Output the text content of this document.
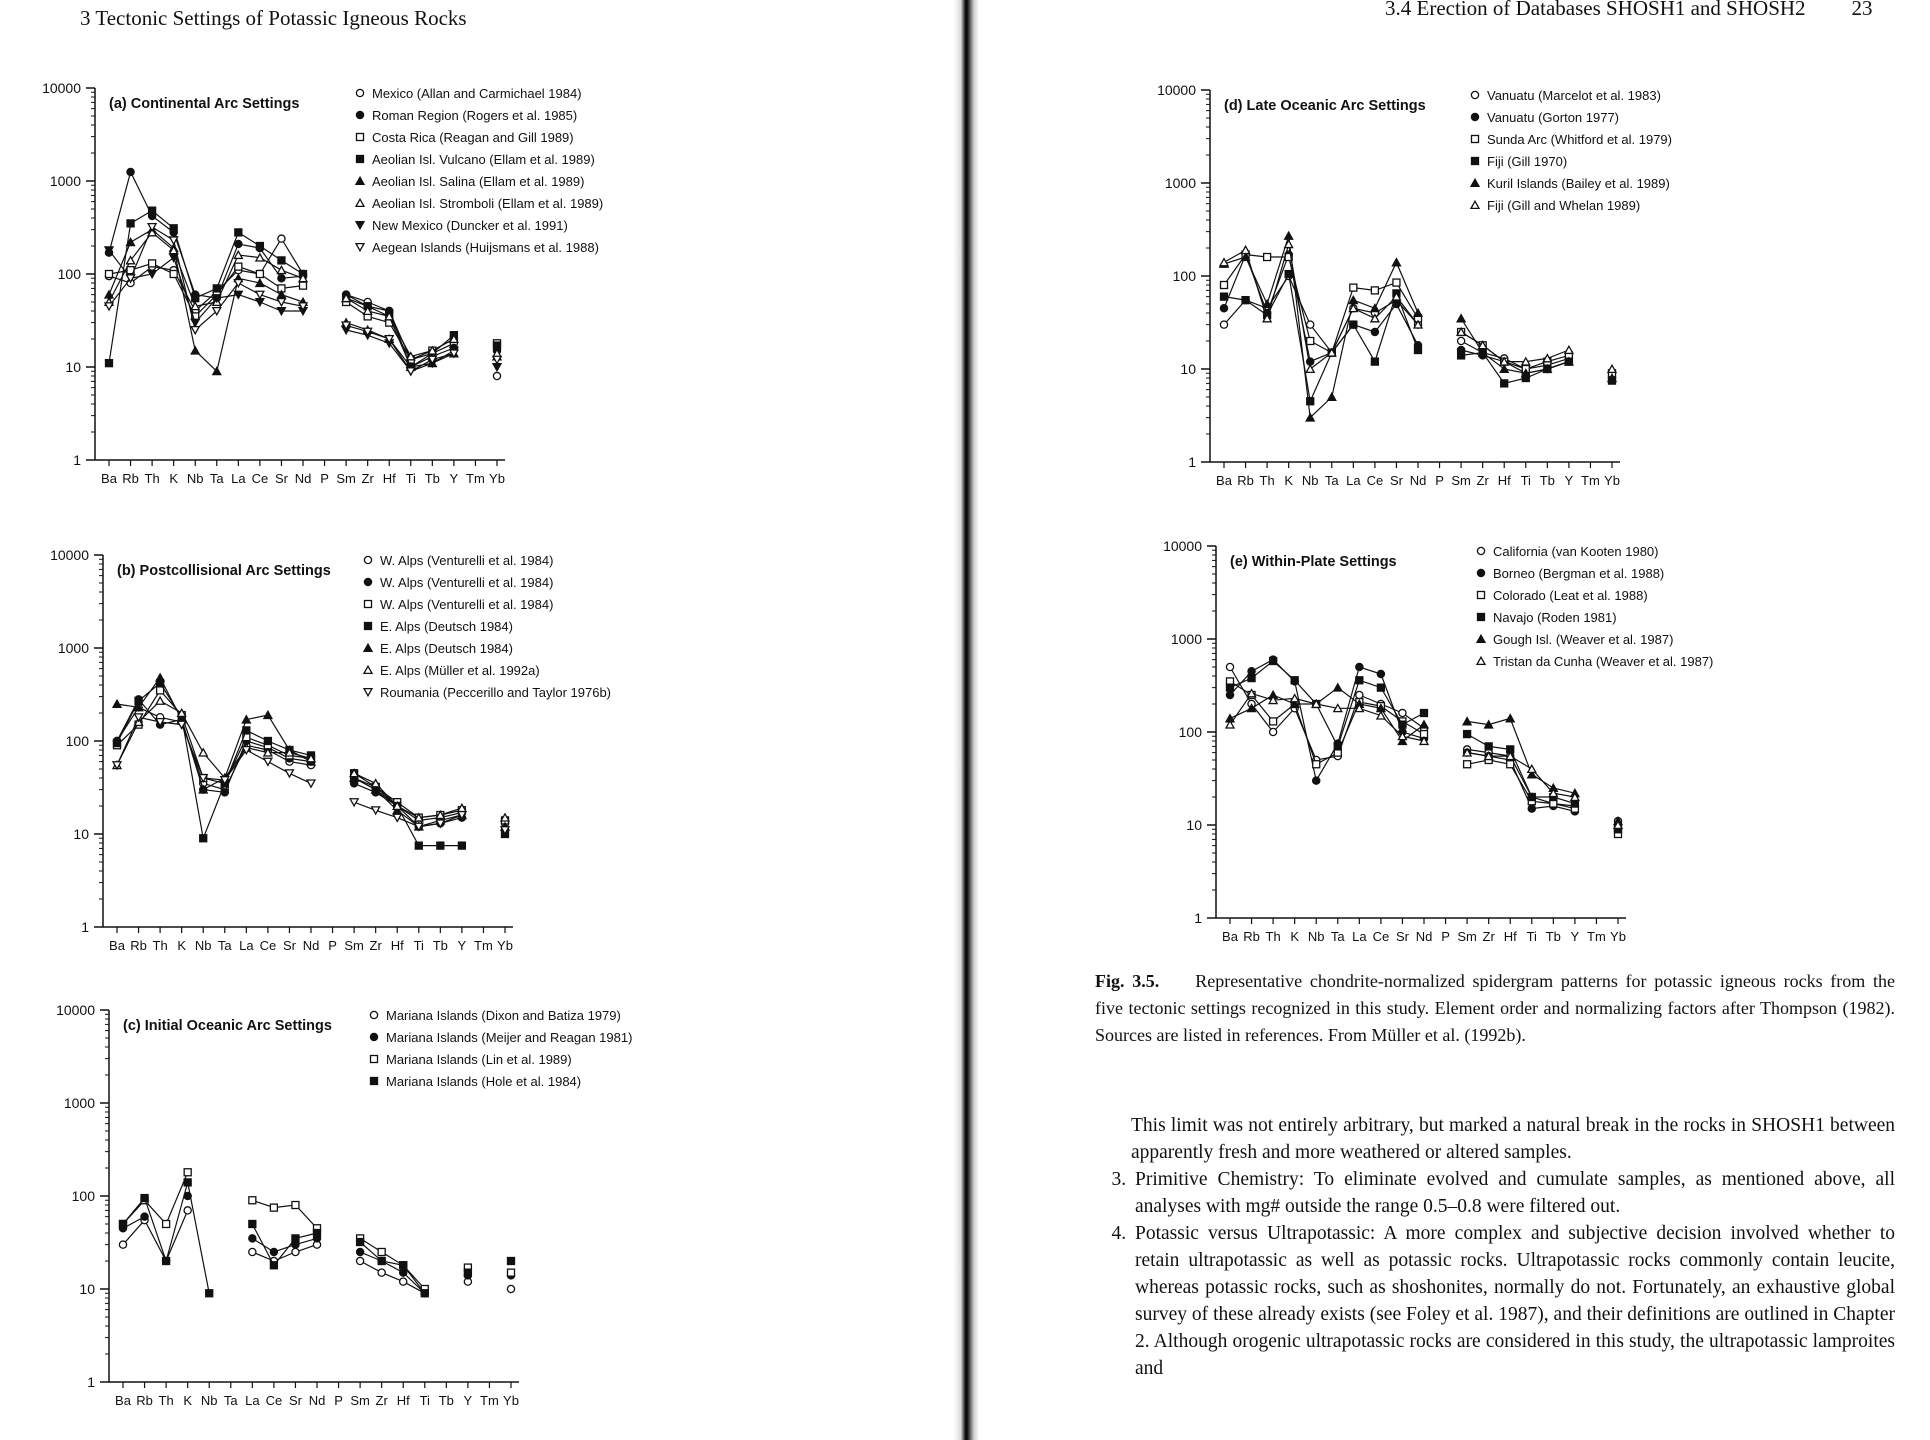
3 Tectonic Settings of Potassic Igneous Rocks
1
10
100
1000
10000
Ba Rb Th K Nb Ta La Ce Sr Nd P Sm Zr Hf Ti Tb Y Tm Yb
(a) Continental Arc Settings
Mexico (Allan and Carmichael 1984)
Roman Region (Rogers et al. 1985)
Costa Rica (Reagan and Gill 1989)
Aeolian Isl. Vulcano (Ellam et al. 1989)
Aeolian Isl. Salina (Ellam et al. 1989)
Aeolian Isl. Stromboli (Ellam et al. 1989)
New Mexico (Duncker et al. 1991)
Aegean Islands (Huijsmans et al. 1988)
1
10
100
1000
10000
Ba Rb Th K Nb Ta La Ce Sr Nd P Sm Zr Hf Ti Tb Y Tm Yb
(b) Postcollisional Arc Settings
W. Alps (Venturelli et al. 1984)
W. Alps (Venturelli et al. 1984)
W. Alps (Venturelli et al. 1984)
E. Alps (Deutsch 1984)
E. Alps (Deutsch 1984)
E. Alps (Müller et al. 1992a)
Roumania (Peccerillo and Taylor 1976b)
1
10
100
1000
10000
Ba Rb Th K Nb Ta La Ce Sr Nd P Sm Zr Hf Ti Tb Y Tm Yb
(c) Initial Oceanic Arc Settings
Mariana Islands (Dixon and Batiza 1979)
Mariana Islands (Meijer and Reagan 1981)
Mariana Islands (Lin et al. 1989)
Mariana Islands (Hole et al. 1984)
3.4 Erection of Databases SHOSH1 and SHOSH2 23
1
10
100
1000
10000
Ba Rb Th K Nb Ta La Ce Sr Nd P Sm Zr Hf Ti Tb Y Tm Yb
(d) Late Oceanic Arc Settings
Vanuatu (Marcelot et al. 1983)
Vanuatu (Gorton 1977)
Sunda Arc (Whitford et al. 1979)
Fiji (Gill 1970)
Kuril Islands (Bailey et al. 1989)
Fiji (Gill and Whelan 1989)
1
10
100
1000
10000
Ba Rb Th K Nb Ta La Ce Sr Nd P Sm Zr Hf Ti Tb Y Tm Yb
(e) Within-Plate Settings
California (van Kooten 1980)
Borneo (Bergman et al. 1988)
Colorado (Leat et al. 1988)
Navajo (Roden 1981)
Gough Isl. (Weaver et al. 1987)
Tristan da Cunha (Weaver et al. 1987)
Fig. 3.5. Representative chondrite-normalized spidergram patterns for potassic igneous rocks from the five tectonic settings recognized in this study. Element order and normalizing factors after Thompson (1982). Sources are listed in references. From Müller et al. (1992b).

This limit was not entirely arbitrary, but marked a natural break in the rocks in SHOSH1 between apparently fresh and more weathered or altered samples.

3. Primitive Chemistry: To eliminate evolved and cumulate samples, as mentioned above, all analyses with mg# outside the range 0.5–0.8 were filtered out.
4. Potassic versus Ultrapotassic: A more complex and subjective decision involved whether to retain ultrapotassic as well as potassic rocks. Ultrapotassic rocks commonly contain leucite, whereas potassic rocks, such as shoshonites, normally do not. Fortunately, an exhaustive global survey of these already exists (see Foley et al. 1987), and their definitions are outlined in Chapter 2. Although orogenic ultrapotassic rocks are considered in this study, the ultrapotassic lamproites and
